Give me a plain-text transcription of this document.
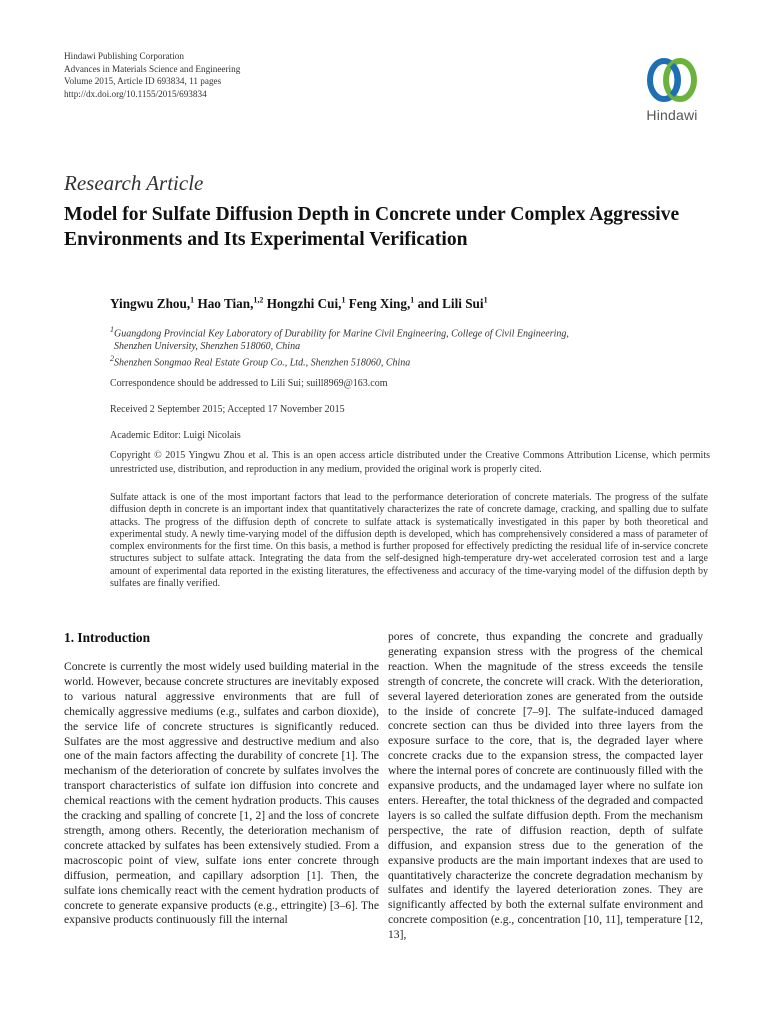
Hindawi Publishing Corporation
Advances in Materials Science and Engineering
Volume 2015, Article ID 693834, 11 pages
http://dx.doi.org/10.1155/2015/693834
Hindawi
Research Article
Model for Sulfate Diffusion Depth in Concrete under Complex Aggressive Environments and Its Experimental Verification
Yingwu Zhou,$^1$ Hao Tian,$^{1,2}$ Hongzhi Cui,$^1$ Feng Xing,$^1$ and Lili Sui$^1$
$^1$Guangdong Provincial Key Laboratory of Durability for Marine Civil Engineering, College of Civil Engineering,
Shenzhen University, Shenzhen 518060, China
$^2$Shenzhen Songmao Real Estate Group Co., Ltd., Shenzhen 518060, China
Correspondence should be addressed to Lili Sui; suill8969@163.com
Received 2 September 2015; Accepted 17 November 2015
Academic Editor: Luigi Nicolais
Copyright © 2015 Yingwu Zhou et al. This is an open access article distributed under the Creative Commons Attribution License, which permits unrestricted use, distribution, and reproduction in any medium, provided the original work is properly cited.

Sulfate attack is one of the most important factors that lead to the performance deterioration of concrete materials. The progress of the sulfate diffusion depth in concrete is an important index that quantitatively characterizes the rate of concrete damage, cracking, and spalling due to sulfate attacks. The progress of the diffusion depth of concrete to sulfate attack is systematically investigated in this paper by both theoretical and experimental study. A newly time-varying model of the diffusion depth is developed, which has comprehensively considered a mass of parameter of complex environments for the first time. On this basis, a method is further proposed for effectively predicting the residual life of in-service concrete structures subject to sulfate attack. Integrating the data from the self-designed high-temperature dry-wet accelerated corrosion test and a large amount of experimental data reported in the existing literatures, the effectiveness and accuracy of the time-varying model of the diffusion depth by sulfates are finally verified.

1. Introduction

Concrete is currently the most widely used building material in the world. However, because concrete structures are inevitably exposed to various natural aggressive environments that are full of chemically aggressive mediums (e.g., sulfates and carbon dioxide), the service life of concrete structures is significantly reduced. Sulfates are the most aggressive and destructive medium and also one of the main factors affecting the durability of concrete [1]. The mechanism of the deterioration of concrete by sulfates involves the transport characteristics of sulfate ion diffusion into concrete and chemical reactions with the cement hydration products. This causes the cracking and spalling of concrete [1, 2] and the loss of concrete strength, among others. Recently, the deterioration mechanism of concrete attacked by sulfates has been extensively studied. From a macroscopic point of view, sulfate ions enter concrete through diffusion, permeation, and capillary adsorption [1]. Then, the sulfate ions chemically react with the cement hydration products of concrete to generate expansive products (e.g., ettringite) [3–6]. The expansive products continuously fill the internal

pores of concrete, thus expanding the concrete and gradually generating expansion stress with the progress of the chemical reaction. When the magnitude of the stress exceeds the tensile strength of concrete, the concrete will crack. With the deterioration, several layered deterioration zones are generated from the outside to the inside of concrete [7–9]. The sulfate-induced damaged concrete section can thus be divided into three layers from the exposure surface to the core, that is, the degraded layer where concrete cracks due to the expansion stress, the compacted layer where the internal pores of concrete are continuously filled with the expansive products, and the undamaged layer where no sulfate ion enters. Hereafter, the total thickness of the degraded and compacted layers is so called the sulfate diffusion depth. From the mechanism perspective, the rate of diffusion reaction, depth of sulfate diffusion, and expansion stress due to the generation of the expansive products are the main important indexes that are used to quantitatively characterize the concrete degradation mechanism by sulfates and identify the layered deterioration zones. They are significantly affected by both the external sulfate environment and concrete composition (e.g., concentration [10, 11], temperature [12, 13],
